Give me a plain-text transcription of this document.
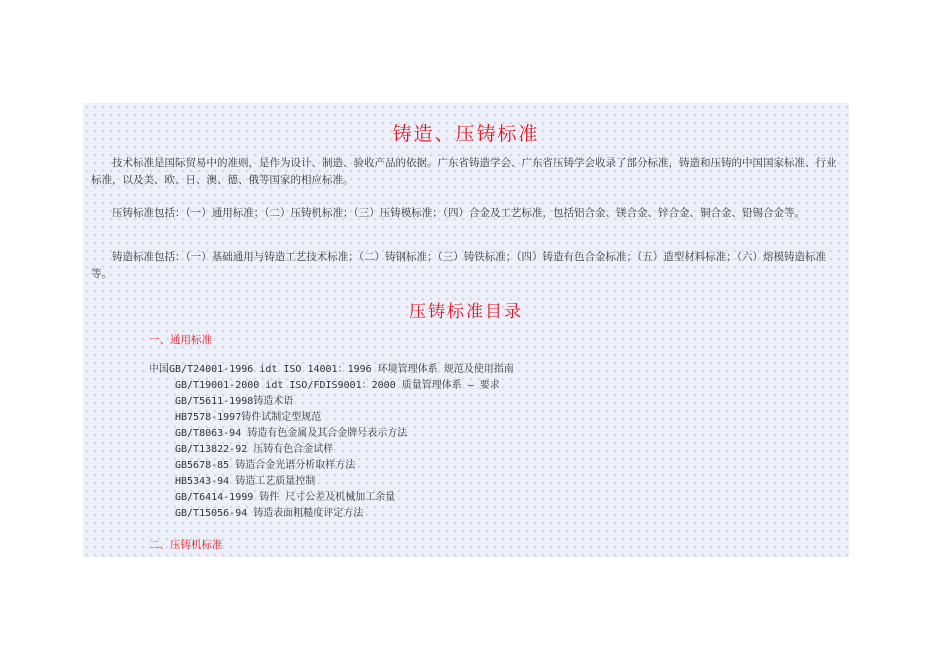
铸造、压铸标准

技术标准是国际贸易中的准则，是作为设计、制造、验收产品的依据。广东省铸造学会、广东省压铸学会收录了部分标准，铸造和压铸的中国国家标准、行业标准，以及美、欧、日、澳、德、俄等国家的相应标准。

压铸标准包括：（一）通用标准；（二）压铸机标准；（三）压铸模标准；（四）合金及工艺标准，包括铝合金、镁合金、锌合金、铜合金、铅锡合金等。

铸造标准包括：（一）基础通用与铸造工艺技术标准；（二）铸钢标准；（三）铸铁标准；（四）铸造有色合金标准；（五）造型材料标准；（六）熔模铸造标准等。

压铸标准目录
一、通用标准
中国GB/T24001-1996 idt ISO 14001：1996 环境管理体系 规范及使用指南
GB/T19001-2000 idt ISO/FDIS9001：2000 质量管理体系 — 要求
GB/T5611-1998铸造术语
HB7578-1997铸件试制定型规范
GB/T8063-94 铸造有色金属及其合金牌号表示方法
GB/T13822-92 压铸有色合金试样
GB5678-85 铸造合金光谱分析取样方法
HB5343-94 铸造工艺质量控制
GB/T6414-1999 铸件 尺寸公差及机械加工余量
GB/T15056-94 铸造表面粗糙度评定方法
二、压铸机标准
